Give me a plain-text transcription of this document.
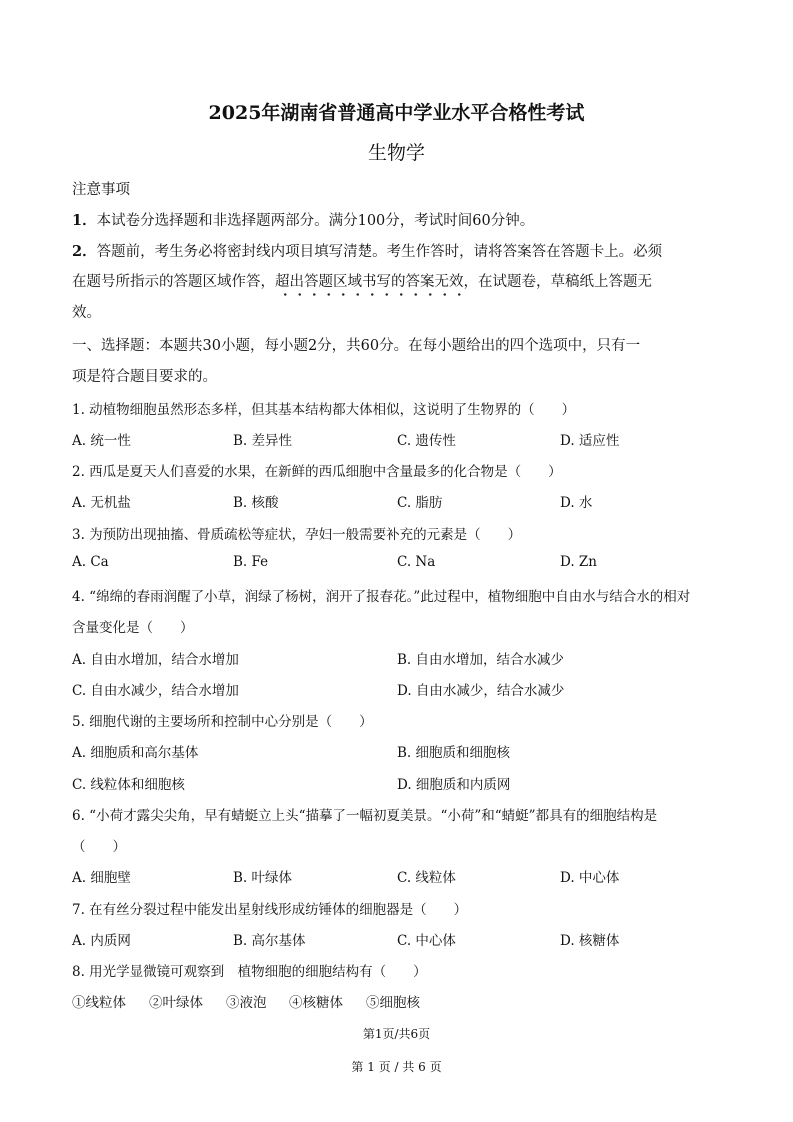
2025年湖南省普通高中学业水平合格性考试
生物学
注意事项
1．本试卷分选择题和非选择题两部分。满分100分，考试时间60分钟。
2．答题前，考生务必将密封线内项目填写清楚。考生作答时，请将答案答在答题卡上。必须
在题号所指示的答题区域作答，超出答题区域书写的答案无效，在试题卷，草稿纸上答题无
效。
一、选择题：本题共30小题，每小题2分，共60分。在每小题给出的四个选项中，只有一
项是符合题目要求的。
1. 动植物细胞虽然形态多样，但其基本结构都大体相似，这说明了生物界的（　　）
A. 统一性	B. 差异性	C. 遗传性	D. 适应性
2. 西瓜是夏天人们喜爱的水果，在新鲜的西瓜细胞中含量最多的化合物是（　　）
A. 无机盐	B. 核酸	C. 脂肪	D. 水
3. 为预防出现抽搐、骨质疏松等症状，孕妇一般需要补充的元素是（　　）
A. Ca	B. Fe	C. Na	D. Zn
4. “绵绵的春雨润醒了小草，润绿了杨树，润开了报春花。”此过程中，植物细胞中自由水与结合水的相对
含量变化是（　　）
A. 自由水增加，结合水增加	B. 自由水增加，结合水减少
C. 自由水减少，结合水增加	D. 自由水减少，结合水减少
5. 细胞代谢的主要场所和控制中心分别是（　　）
A. 细胞质和高尔基体	B. 细胞质和细胞核
C. 线粒体和细胞核	D. 细胞质和内质网
6. “小荷才露尖尖角，早有蜻蜓立上头“描摹了一幅初夏美景。“小荷”和“蜻蜓”都具有的细胞结构是
（　　）
A. 细胞壁	B. 叶绿体	C. 线粒体	D. 中心体
7. 在有丝分裂过程中能发出星射线形成纺锤体的细胞器是（　　）
A. 内质网	B. 高尔基体	C. 中心体	D. 核糖体
8. 用光学显微镜可观察到　植物细胞的细胞结构有（　　）
①线粒体 ②叶绿体 ③液泡 ④核糖体 ⑤细胞核
第1页/共6页
第 1 页 / 共 6 页
